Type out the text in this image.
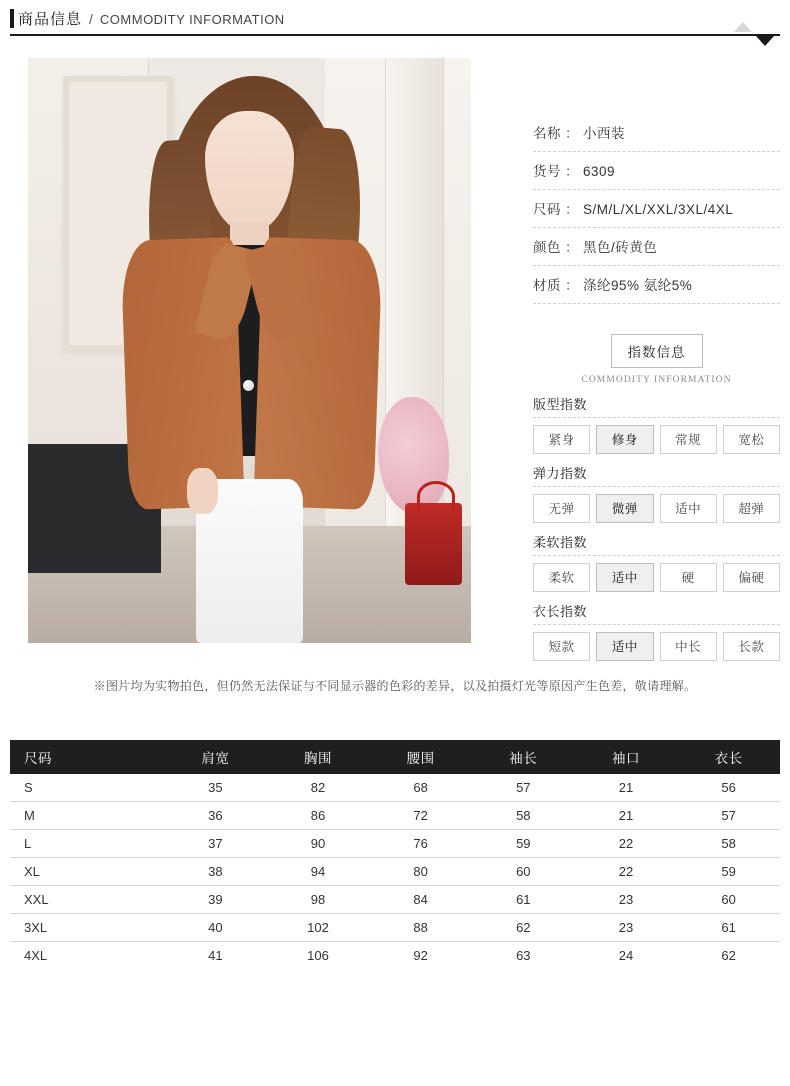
商品信息 / COMMODITY INFORMATION
名称 ： 小西装
货号 ： 6309
尺码 ： S/M/L/XL/XXL/3XL/4XL
颜色 ： 黑色/砖黄色
材质 ： 涤纶95% 氨纶5%
指数信息
COMMODITY INFORMATION
版型指数
紧身	修身	常规	宽松
弹力指数
无弹	微弹	适中	超弹
柔软指数
柔软	适中	硬	偏硬
衣长指数
短款	适中	中长	长款
※图片均为实物拍色，但仍然无法保证与不同显示器的色彩的差异，以及拍摄灯光等原因产生色差，敬请理解。
尺码	肩宽	胸围	腰围	袖长	袖口	衣长
S	35	82	68	57	21	56
M	36	86	72	58	21	57
L	37	90	76	59	22	58
XL	38	94	80	60	22	59
XXL	39	98	84	61	23	60
3XL	40	102	88	62	23	61
4XL	41	106	92	63	24	62
